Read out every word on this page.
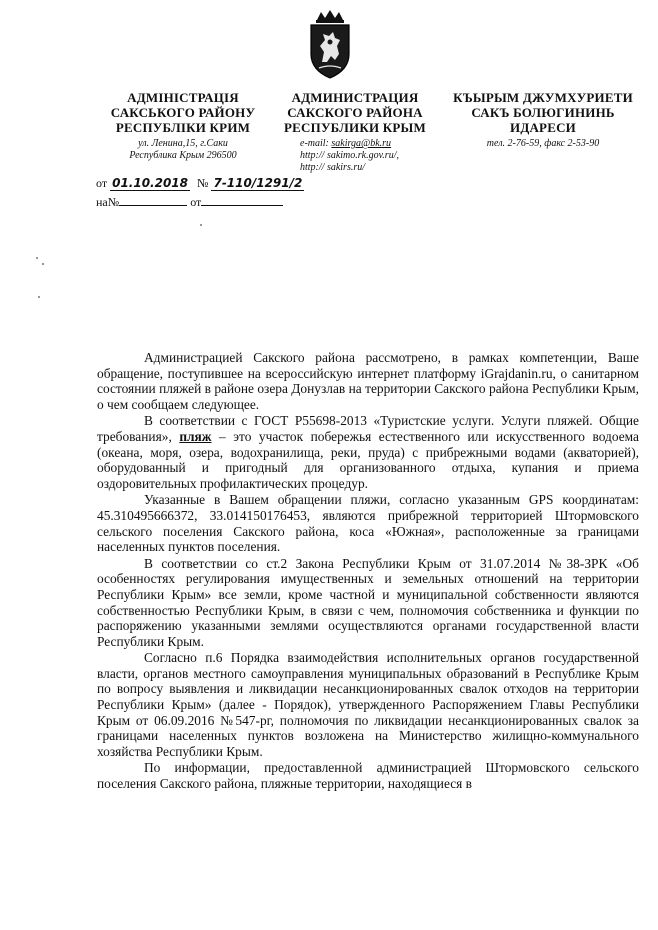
АДМІНІСТРАЦІЯ
САКСЬКОГО РАЙОНУ
РЕСПУБЛІКИ КРИМ
ул. Ленина,15, г.Саки
Республика Крым 296500
АДМИНИСТРАЦИЯ
САКСКОГО РАЙОНА
РЕСПУБЛИКИ КРЫМ
e-mail: sakirga@bk.ru
http:// sakimo.rk.gov.ru/,
http:// sakirs.ru/
КЪЫРЫМ ДЖУМХУРИЕТИ
САКЪ БОЛЮГИНИНЬ
ИДАРЕСИ
тел. 2-76-59, факс 2-53-90
от 01.10.2018 № 7-110/1291/2
на№	от

Администрацией Сакского района рассмотрено, в рамках компетенции, Ваше обращение, поступившее на всероссийскую интернет платформу iGrajdanin.ru, о санитарном состоянии пляжей в районе озера Донузлав на территории Сакского района Республики Крым, о чем сообщаем следующее.

В соответствии с ГОСТ Р55698-2013 «Туристские услуги. Услуги пляжей. Общие требования», пляж – это участок побережья естественного или искусственного водоема (океана, моря, озера, водохранилища, реки, пруда) с прибрежными водами (акваторией), оборудованный и пригодный для организованного отдыха, купания и приема оздоровительных профилактических процедур.

Указанные в Вашем обращении пляжи, согласно указанным GPS координатам: 45.310495666372, 33.014150176453, являются прибрежной территорией Штормовского сельского поселения Сакского района, коса «Южная», расположенные за границами населенных пунктов поселения.

В соответствии со ст.2 Закона Республики Крым от 31.07.2014 №38-ЗРК «Об особенностях регулирования имущественных и земельных отношений на территории Республики Крым» все земли, кроме частной и муниципальной собственности являются собственностью Республики Крым, в связи с чем, полномочия собственника и функции по распоряжению указанными землями осуществляются органами государственной власти Республики Крым.

Согласно п.6 Порядка взаимодействия исполнительных органов государственной власти, органов местного самоуправления муниципальных образований в Республике Крым по вопросу выявления и ликвидации несанкционированных свалок отходов на территории Республики Крым» (далее - Порядок), утвержденного Распоряжением Главы Республики Крым от 06.09.2016 №547-рг, полномочия по ликвидации несанкционированных свалок за границами населенных пунктов возложена на Министерство жилищно-коммунального хозяйства Республики Крым.

По информации, предоставленной администрацией Штормовского сельского поселения Сакского района, пляжные территории, находящиеся в
